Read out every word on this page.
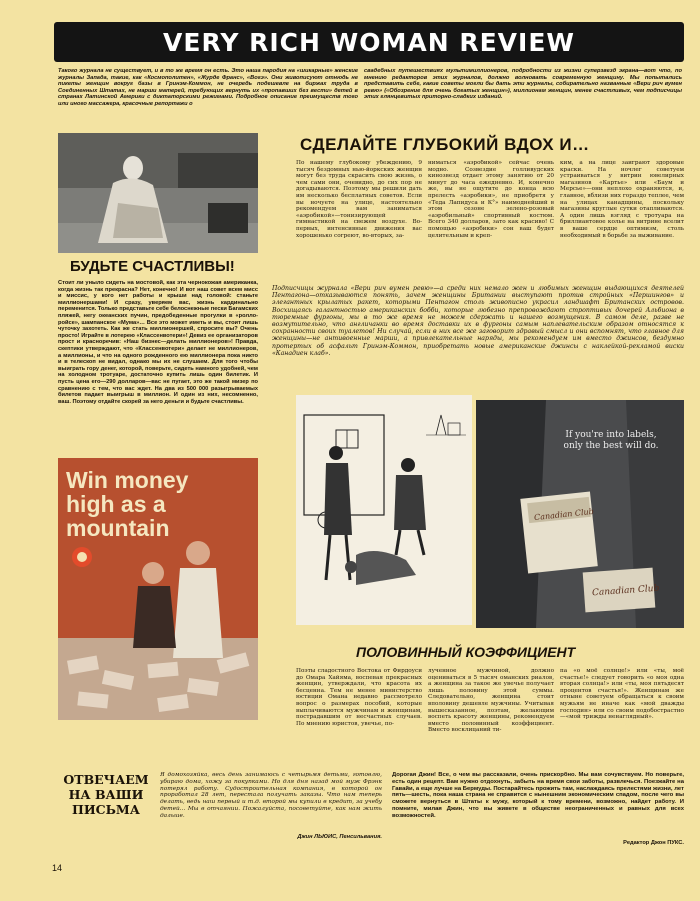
VERY RICH WOMAN REVIEW
Такого журнала не существует, и в то же время он есть. Это наша пародия на «шикарные» женские журналы Запада, такие, как «Космополитен», «Журдe Франс», «Вогэ». Они живописуют отнюдь не пикеты женщин вокруг базы в Гринэм-Коммон, не очередь подешевле на биржах труда в Соединенных Штатах, не марши матерей, требующих вернуть их «пропавших без вести» детей в странах Латинской Америки с диктаторскими режимами. Подробное описание преимуществ того или иного массажера, красочные репортажи о
свадебных путешествиях мультимиллионеров, подробности из жизни суперзвезд экрана—вот что, по мнению редакторов этих журналов, должно волновать современную женщину. Мы попытались представить себе, какие советы могли бы дать эти журналы, собирательно названные «Вери рич вумен ревю» («Обозрение для очень богатых женщин»), миллионам женщин, менее счастливых, чем подписчицы этих глянцевитых приторно-сладких изданий.
СДЕЛАЙТЕ ГЛУБОКИЙ ВДОХ И…
По нашему глубокому убеждению, 9 тысяч бездомных нью-йоркских женщин могут без труда скрасить свою жизнь, о чем сами они, очевидно, до сих пор не догадываются. Поэтому мы решили дать им несколько бесплатных советов. Если вы ночуете на улице, настоятельно рекомендуем вам заниматься «аэробикой»—тонизирующей гимнастикой на свежем воздухе. Во-первых, интенсивные движения вас хорошенько согреют, во-вторых, за-
ниматься «аэробикой» сейчас очень модно. Созвездие голливудских кинозвезд отдает этому занятию от 20 минут до часа ежедневно. И, конечно же, вы не ощутите до конца всю прелесть «аэробики», не приобретя у «Теда Лапидуса и К°» наимоднейший в этом сезоне зелено-розовый «аэробильный» спортивный костюм. Всего 340 долларов, зато как красиво! С помощью «аэробики» сон ваш будет целительным и креп-
ким, а на лице заиграют здоровые краски. На ночлег советуем устраиваться у витрин ювелирных магазинов «Картье» или «Баум и Мерсье»—они неплохо охраняются, и, главное, вблизи них гораздо теплее, чем на улицах канадщины, поскольку магазины круглые сутки отапливаются. А один лишь взгляд с тротуара на бриллиантовое колье на витрине вселит в ваше сердце оптимизм, столь необходимый в борьбе за выживание.
БУДЬТЕ СЧАСТЛИВЫ!
Стоит ли уныло сидеть на мостовой, как эта чернокожая американка, когда жизнь так прекрасна? Нет, конечно! И вот наш совет всем мисс и миссис, у кого нет работы и крыши над головой: станьте миллионершами! И сразу, уверяем вас, жизнь кардинально переменится. Только представьте себе белоснежные пески Багамских пляжей, негу океанских пучин, предобеденные прогулки в «ролло-ройсе», шампанское «Мума»… Все это может иметь и вы, стоит лишь чуточку захотеть. Как же стать миллионершей, спросите вы? Очень просто! Играйте в лотерею «Классенвотери»! Девиз ее организаторов прост и красноречив: «Наш бизнес—делать миллионеров»! Правда, скептики утверждают, что «Классенвотери» делает не миллионеров, а миллионы, и что на одного рожденного ею миллионера пока никто и в телескоп не видал, однако мы их не слушаем. Для того чтобы выиграть гору денег, которой, поверьте, сидеть намного удобней, чем на холодном тротуаре, достаточно купить лишь один билетик. И пусть цена его—290 долларов—вас не пугает, это же такой мизер по сравнению с тем, что вас ждет. На два из 500 000 разыгрываемых билетов падает выигрыш в миллион. И один из них, несомненно, ваш. Поэтому отдайте скорей за него деньги и будьте счастливы.
Подписчицы журнала «Вери рич вумен ревю»—а среди них немало жен и любимых женщин выдающихся деятелей Пентагона—отказываются понять, зачем женщины Британии выступают против стройных «Першингов» и элегантных крылатых ракет, которыми Пентагон столь живописно украсил ландшафт Британских островов. Восхищаясь галантностью американских бобби, которые любезно препровождают строптивых дочерей Альбиона в тюремные фургоны, мы в то же время не можем сдержать и нашего возмущения. В самом деле, разве не возмутительно, что англичанки во время доставки их в фургоны самым наплевательским образом относятся к сохранности своих туалетов! Ни случай, если в них все же заговорит здравый смысл и они вспомнят, что главное для женщины—не антивоенные марши, а привлекательные наряды, мы рекомендуем им вместо джинсов, бездумно протертых об асфальт Гринэм-Коммон, приобретать новые американские джинсы с наклейкой-рекламой виски «Канадиен клаб».
Win money
high as a
mountain
If you're into labels,
only the best will do.
Canadian Club
Canadian Club
ПОЛОВИННЫЙ КОЭФФИЦИЕНТ
Поэты сладостного Востока от Фирдоуси до Омара Хайяма, воспевая прекрасных женщин, утверждали, что красота их бесценна. Тем не менее министерство юстиции Омана недавно рассмотрело вопрос о размерах пособий, которые выплачиваются мужчинам и женщинам, пострадавшим от несчастных случаев. По мнению юристов, увечье, по-
лученное мужчиной, должно оцениваться в 5 тысяч оманских риалов, а женщина за такое же увечье получает лишь половину этой суммы. Следовательно, женщина стоит вполовину дешевле мужчины. Учитывая вышесказанное, поэтам, желающим воспеть красоту женщины, рекомендуем вместо половинный коэффициент. Вместо восклицаний ти-
па «о моё солнце!» или «ты, моё счастье!» следует говорить «о моя одна вторая солнца!» или «ты, моя пятьдесят процентов счастья!». Женщинам же отныне советуем обращаться к своим мужьям не иначе как «мой дважды господин» или со своим подобострастно—«мой трижды ненаглядный».
ОТВЕЧАЕМ
НА ВАШИ
ПИСЬМА
Я домохозяйка, весь день занимаюсь с четырьмя детьми, готовлю, убираю дома, хожу за покупками. Но для дня назад мой муж Фрэнк потерял работу. Судостроительная компания, в которой он проработал 28 лет, перестала получать заказы. Что нам теперь делать, ведь наш первый и т.д. второй мы купили в кредит, за учебу детей... Мы в отчаянии. Пожалуйста, посоветуйте, как нам жить дальше.
Джин ЛЬЮИС, Пенсильвания.
Дорогая Джин! Все, о чем вы рассказали, очень прискорбно. Мы вам сочувствуем. Но поверьте, есть один рецепт. Вам нужно отдохнуть, забыть на время свои заботы, развлечься. Поезжайте на Гавайи, а еще лучше на Бермуды. Постарайтесь прожить там, наслаждаясь прелестями жизни, лет пять—шесть, пока наша страна не справится с нынешним экономическим спадом, после чего вы сможете вернуться в Штаты к мужу, который к тому времени, возможно, найдет работу. И помните, милая Джин, что вы живете в обществе неограниченных и равных для всех возможностей.
Редактор Джон ПУКС.
14
